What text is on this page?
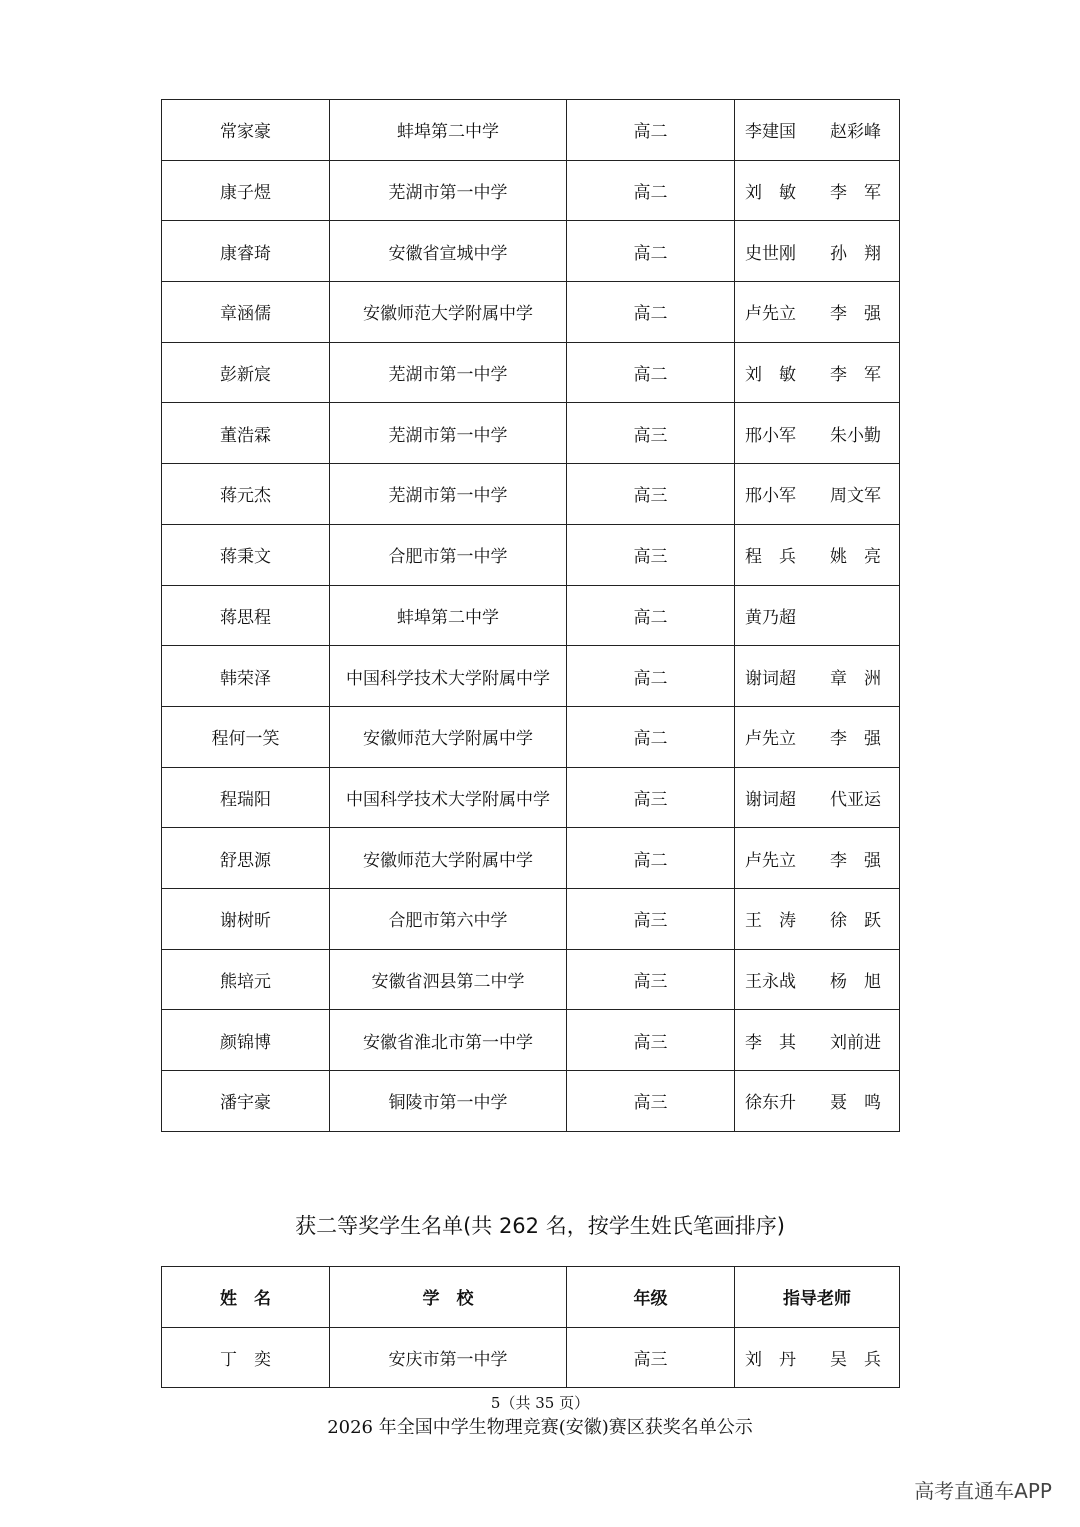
常家豪	蚌埠第二中学	高二	李建国 赵彩峰

康子煜	芜湖市第一中学	高二	刘　敏 李　军

康睿琦	安徽省宣城中学	高二	史世刚 孙　翔

章涵儒	安徽师范大学附属中学	高二	卢先立 李　强

彭新宸	芜湖市第一中学	高二	刘　敏 李　军

董浩霖	芜湖市第一中学	高三	邢小军 朱小勤

蒋元杰	芜湖市第一中学	高三	邢小军 周文军

蒋秉文	合肥市第一中学	高三	程　兵 姚　亮

蒋思程	蚌埠第二中学	高二	黄乃超

韩荣泽	中国科学技术大学附属中学	高二	谢词超 章　洲

程何一笑	安徽师范大学附属中学	高二	卢先立 李　强

程瑞阳	中国科学技术大学附属中学	高三	谢词超 代亚运

舒思源	安徽师范大学附属中学	高二	卢先立 李　强

谢树昕	合肥市第六中学	高三	王　涛 徐　跃

熊培元	安徽省泗县第二中学	高三	王永战 杨　旭

颜锦博	安徽省淮北市第一中学	高三	李　其 刘前进

潘宇豪	铜陵市第一中学	高三	徐东升 聂　鸣
获二等奖学生名单(共 262 名，按学生姓氏笔画排序)
姓　名	学　校	年级	指导老师
丁　奕	安庆市第一中学	高三	刘　丹 吴　兵
5（共 35 页）
2026 年全国中学生物理竞赛(安徽)赛区获奖名单公示
高考直通车APP
